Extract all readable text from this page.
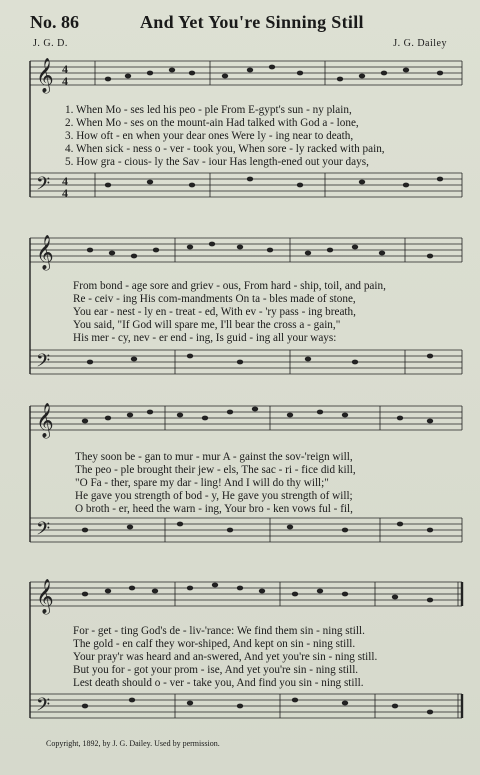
No. 86	And Yet You're Sinning Still
J. G. D.	J. G. Dailey
𝄞
𝄢
4
4
4
4
1. When Mo - ses led his peo - ple From E-gypt's sun - ny plain,
2. When Mo - ses on the mount-ain Had talked with God a - lone,
3. How oft - en when your dear ones Were ly - ing near to death,
4. When sick - ness o - ver - took you, When sore - ly racked with pain,
5. How gra - cious- ly the Sav - iour Has length-ened out your days,
𝄞
𝄢
From bond - age sore and griev - ous, From hard - ship, toil, and pain,
Re - ceiv - ing His com-mandments On ta - bles made of stone,
You ear - nest - ly en - treat - ed, With ev - 'ry pass - ing breath,
You said, "If God will spare me, I'll bear the cross a - gain,"
His mer - cy, nev - er end - ing, Is guid - ing all your ways:
𝄞
𝄢
They soon be - gan to mur - mur A - gainst the sov-'reign will,
The peo - ple brought their jew - els, The sac - ri - fice did kill,
"O Fa - ther, spare my dar - ling! And I will do thy will;"
He gave you strength of bod - y, He gave you strength of will;
O broth - er, heed the warn - ing, Your bro - ken vows ful - fil,
𝄞
𝄢
For - get - ting God's de - liv-'rance: We find them sin - ning still.
The gold - en calf they wor-shiped, And kept on sin - ning still.
Your pray'r was heard and an-swered, And yet you're sin - ning still.
But you for - got your prom - ise, And yet you're sin - ning still.
Lest death should o - ver - take you, And find you sin - ning still.
Copyright, 1892, by J. G. Dailey. Used by permission.
